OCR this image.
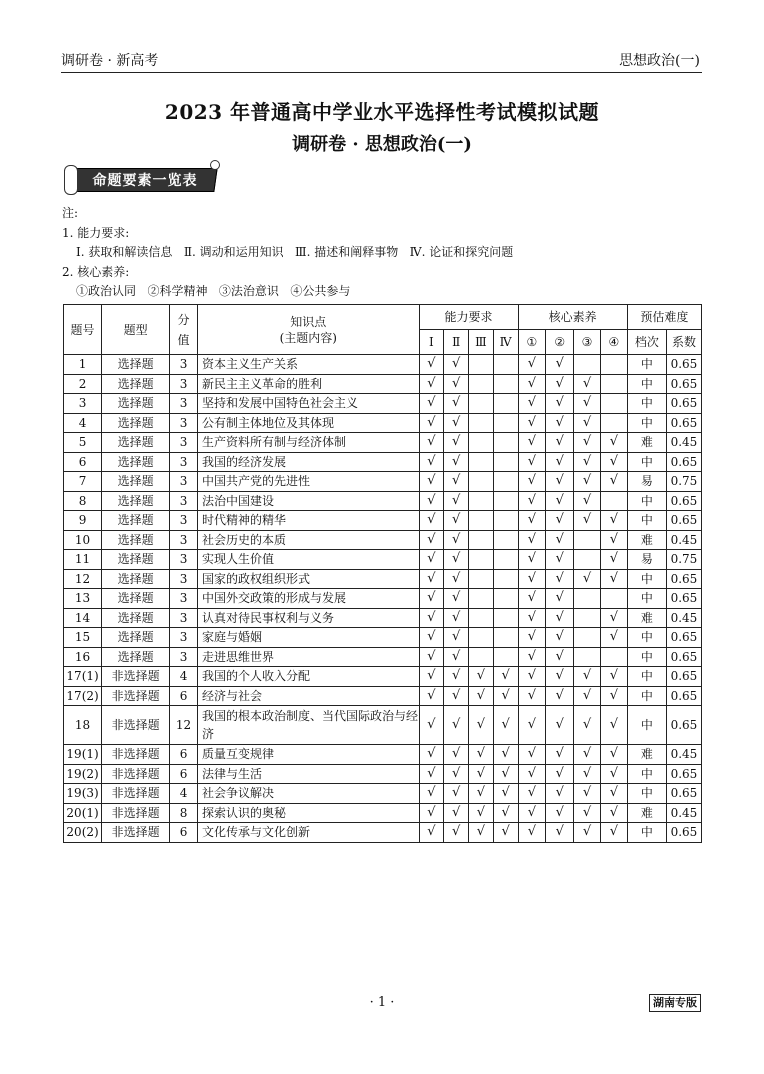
调研卷 · 新高考	思想政治(一)
2023 年普通高中学业水平选择性考试模拟试题
调研卷 · 思想政治(一)
命题要素一览表
注:
1. 能力要求:
Ⅰ. 获取和解读信息   Ⅱ. 调动和运用知识   Ⅲ. 描述和阐释事物   Ⅳ. 论证和探究问题
2. 核心素养:
①政治认同   ②科学精神   ③法治意识   ④公共参与
题号	题型	分值	知识点
(主题内容)	能力要求				核心素养				预估难度	
				Ⅰ	Ⅱ	Ⅲ	Ⅳ	①	②	③	④	档次	系数
1	选择题	3	资本主义生产关系	√	√			√	√			中	0.65
2	选择题	3	新民主主义革命的胜利	√	√			√	√	√		中	0.65
3	选择题	3	坚持和发展中国特色社会主义	√	√			√	√	√		中	0.65
4	选择题	3	公有制主体地位及其体现	√	√			√	√	√		中	0.65
5	选择题	3	生产资料所有制与经济体制	√	√			√	√	√	√	难	0.45
6	选择题	3	我国的经济发展	√	√			√	√	√	√	中	0.65
7	选择题	3	中国共产党的先进性	√	√			√	√	√	√	易	0.75
8	选择题	3	法治中国建设	√	√			√	√	√		中	0.65
9	选择题	3	时代精神的精华	√	√			√	√	√	√	中	0.65
10	选择题	3	社会历史的本质	√	√			√	√		√	难	0.45
11	选择题	3	实现人生价值	√	√			√	√		√	易	0.75
12	选择题	3	国家的政权组织形式	√	√			√	√	√	√	中	0.65
13	选择题	3	中国外交政策的形成与发展	√	√			√	√			中	0.65
14	选择题	3	认真对待民事权利与义务	√	√			√	√		√	难	0.45
15	选择题	3	家庭与婚姻	√	√			√	√		√	中	0.65
16	选择题	3	走进思维世界	√	√			√	√			中	0.65
17(1)	非选择题	4	我国的个人收入分配	√	√	√	√	√	√	√	√	中	0.65
17(2)	非选择题	6	经济与社会	√	√	√	√	√	√	√	√	中	0.65
18	非选择题	12	我国的根本政治制度、当代国际政治与经济	√	√	√	√	√	√	√	√	中	0.65
19(1)	非选择题	6	质量互变规律	√	√	√	√	√	√	√	√	难	0.45
19(2)	非选择题	6	法律与生活	√	√	√	√	√	√	√	√	中	0.65
19(3)	非选择题	4	社会争议解决	√	√	√	√	√	√	√	√	中	0.65
20(1)	非选择题	8	探索认识的奥秘	√	√	√	√	√	√	√	√	难	0.45
20(2)	非选择题	6	文化传承与文化创新	√	√	√	√	√	√	√	√	中	0.65
· 1 ·	湖南专版
